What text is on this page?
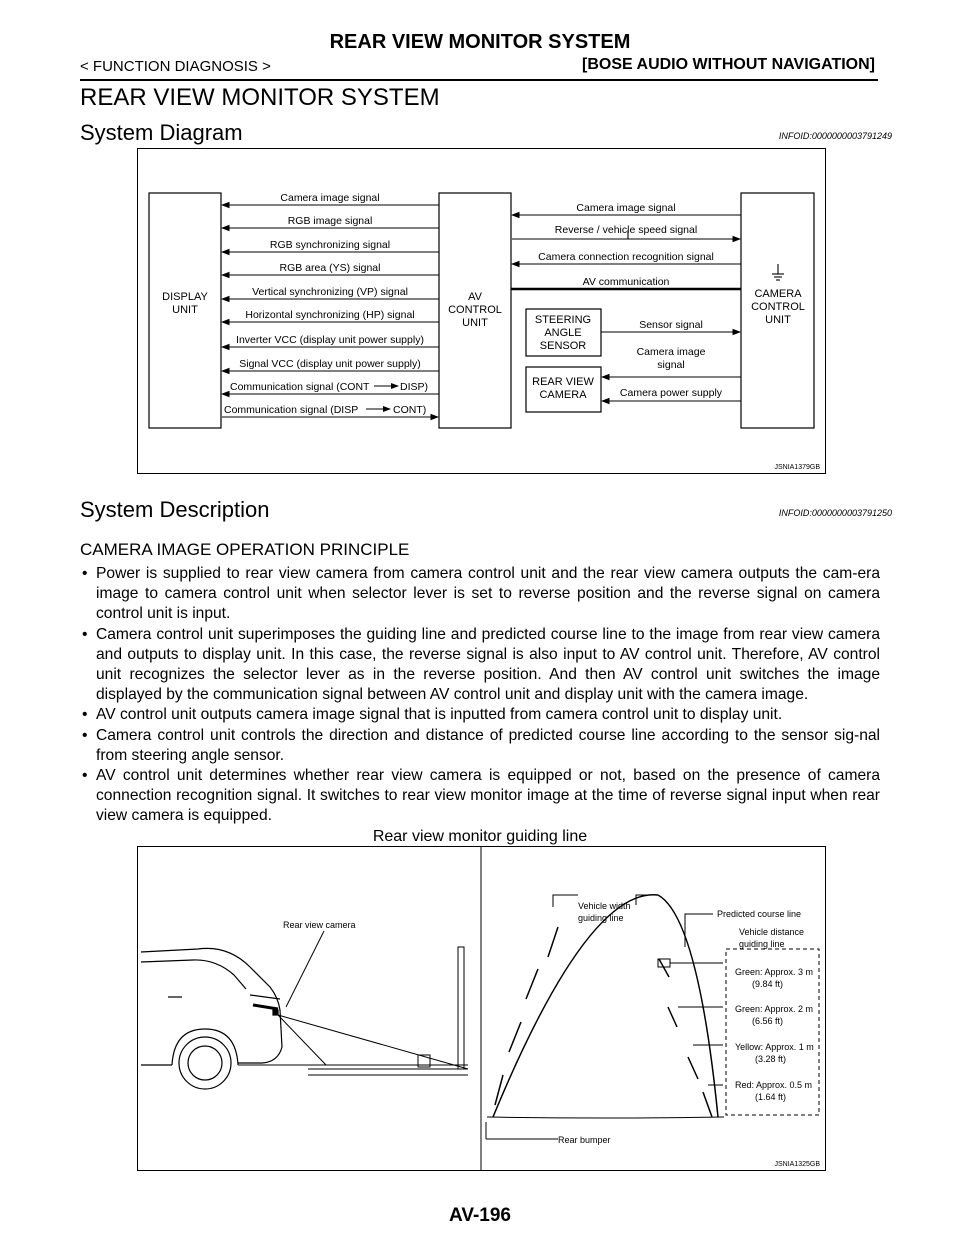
REAR VIEW MONITOR SYSTEM
< FUNCTION DIAGNOSIS >	[BOSE AUDIO WITHOUT NAVIGATION]
REAR VIEW MONITOR SYSTEM
System Diagram	INFOID:0000000003791249
Camera image signal
RGB image signal
RGB synchronizing signal
RGB area (YS) signal
Vertical synchronizing (VP) signal
Horizontal synchronizing (HP) signal
Inverter VCC (display unit power supply)
Signal VCC (display unit power supply)
Communication signal (CONT	DISP)
Communication signal (DISP	CONT)
Camera image signal
Reverse / vehicle speed signal
Camera connection recognition signal
AV communication
Sensor signal
Camera image
signal
Camera power supply
DISPLAY
UNIT
AV
CONTROL
UNIT
CAMERA
CONTROL
UNIT
STEERING
ANGLE
SENSOR
REAR VIEW
CAMERA
JSNIA1379GB
System Description	INFOID:0000000003791250
CAMERA IMAGE OPERATION PRINCIPLE
• Power is supplied to rear view camera from camera control unit and the rear view camera outputs the cam-era image to camera control unit when selector lever is set to reverse position and the reverse signal on camera control unit is input.
• Camera control unit superimposes the guiding line and predicted course line to the image from rear view camera and outputs to display unit. In this case, the reverse signal is also input to AV control unit. Therefore, AV control unit recognizes the selector lever as in the reverse position. And then AV control unit switches the image displayed by the communication signal between AV control unit and display unit with the camera image.
• AV control unit outputs camera image signal that is inputted from camera control unit to display unit.
• Camera control unit controls the direction and distance of predicted course line according to the sensor sig-nal from steering angle sensor.
• AV control unit determines whether rear view camera is equipped or not, based on the presence of camera connection recognition signal. It switches to rear view monitor image at the time of reverse signal input when rear view camera is equipped.
Rear view monitor guiding line
Rear view camera
Vehicle width
guiding line	Predicted course line
Vehicle distance
guiding line
Green: Approx. 3 m
(9.84 ft)
Green: Approx. 2 m
(6.56 ft)
Yellow: Approx. 1 m
(3.28 ft)
Red: Approx. 0.5 m
(1.64 ft)
Rear bumper
JSNIA1325GB
AV-196
